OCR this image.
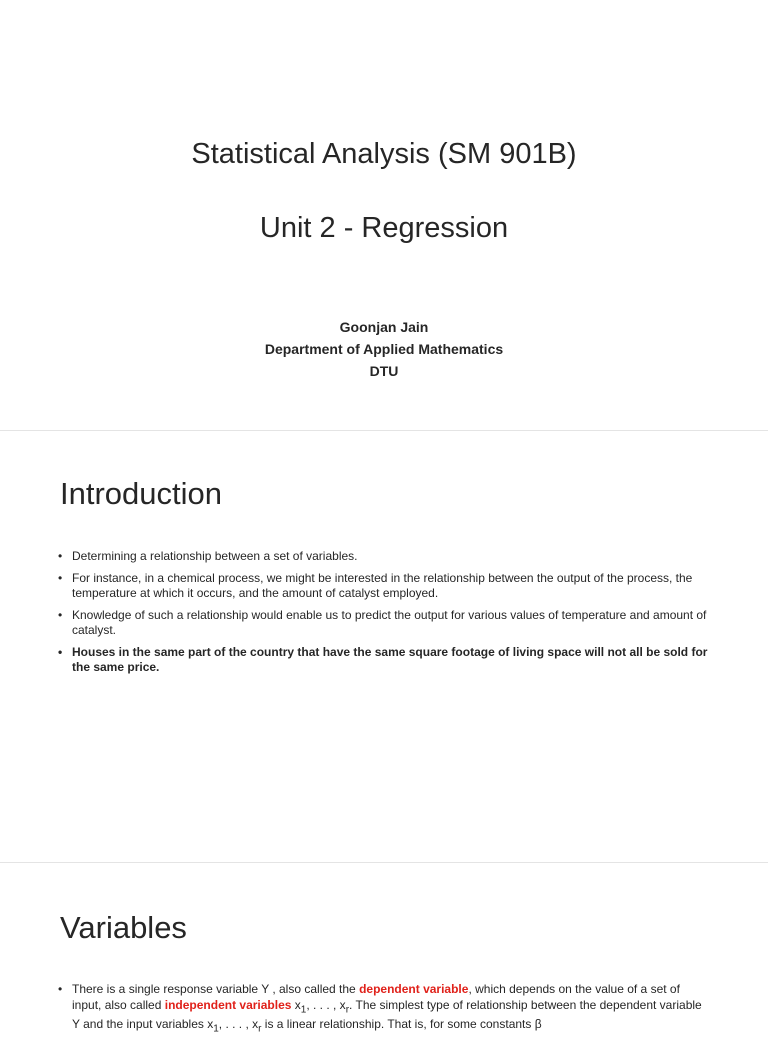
Statistical Analysis (SM 901B)
Unit 2 - Regression
Goonjan Jain
Department of Applied Mathematics
DTU
Introduction
• Determining a relationship between a set of variables.
• For instance, in a chemical process, we might be interested in the relationship between the output of the process, the temperature at which it occurs, and the amount of catalyst employed.
• Knowledge of such a relationship would enable us to predict the output for various values of temperature and amount of catalyst.
• Houses in the same part of the country that have the same square footage of living space will not all be sold for the same price.
Variables
• There is a single response variable Y , also called the dependent variable, which depends on the value of a set of input, also called independent variables $x_1$, . . . , $x_r$. The simplest type of relationship between the dependent variable Y and the input variables $x_1$, . . . , $x_r$ is a linear relationship. That is, for some constants β
